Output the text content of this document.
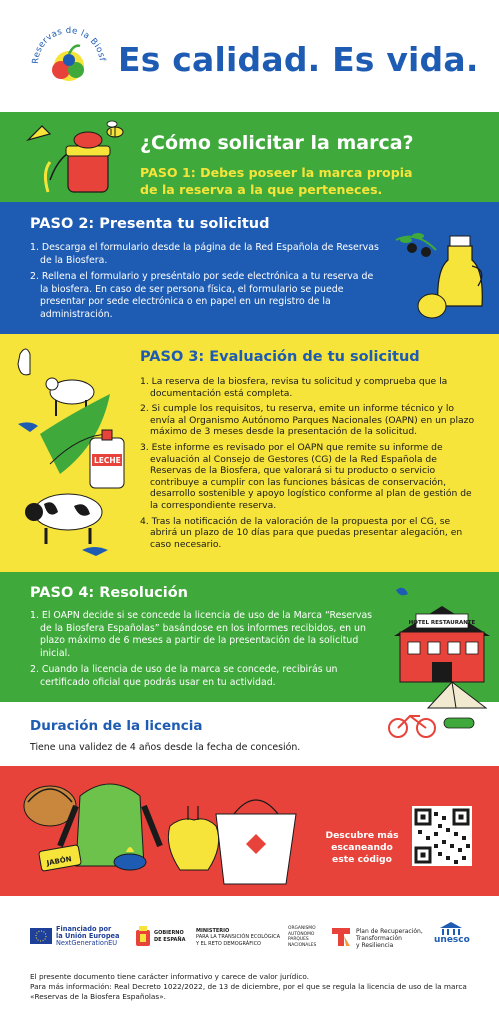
Reservas de la Biosfera Españolas
Es calidad. Es vida.
¿Cómo solicitar la marca?
PASO 1: Debes poseer la marca propia
de la reserva a la que perteneces.
PASO 2: Presenta tu solicitud

1. Descarga el formulario desde la página de la Red Española de Reservas de la Biosfera.

2. Rellena el formulario y preséntalo por sede electrónica a tu reserva de la biosfera. En caso de ser persona física, el formulario se puede presentar por sede electrónica o en papel en un registro de la administración.

LECHE
PASO 3: Evaluación de tu solicitud

1. La reserva de la biosfera, revisa tu solicitud y comprueba que la documentación está completa.

2. Si cumple los requisitos, tu reserva, emite un informe técnico y lo envía al Organismo Autónomo Parques Nacionales (OAPN) en un plazo máximo de 3 meses desde la presentación de la solicitud.

3. Este informe es revisado por el OAPN que remite su informe de evaluación al Consejo de Gestores (CG) de la Red Española de Reservas de la Biosfera, que valorará si tu producto o servicio contribuye a cumplir con las funciones básicas de conservación, desarrollo sostenible y apoyo logístico conforme al plan de gestión de la correspondiente reserva.

4. Tras la notificación de la valoración de la propuesta por el CG, se abrirá un plazo de 10 días para que puedas presentar alegación, en caso necesario.

PASO 4: Resolución

1. El OAPN decide si se concede la licencia de uso de la Marca “Reservas de la Biosfera Españolas” basándose en los informes recibidos, en un plazo máximo de 6 meses a partir de la presentación de la solicitud inicial.

2. Cuando la licencia de uso de la marca se concede, recibirás un certificado oficial que podrás usar en tu actividad.

HOTEL RESTAURANTE
Duración de la licencia
Tiene una validez de 4 años desde la fecha de concesión.
JABÓN
Descubre más
escaneando
este código
Financiado por
la Unión Europea
NextGenerationEU
GOBIERNO
DE ESPAÑA
MINISTERIO
PARA LA TRANSICIÓN ECOLÓGICA
Y EL RETO DEMOGRÁFICO
ORGANISMO
AUTÓNOMO
PARQUES
NACIONALES
Plan de Recuperación,
Transformación
y Resiliencia
unesco
El presente documento tiene carácter informativo y carece de valor jurídico.
Para más información: Real Decreto 1022/2022, de 13 de diciembre, por el que se regula la licencia de uso de la marca
«Reservas de la Biosfera Españolas».
